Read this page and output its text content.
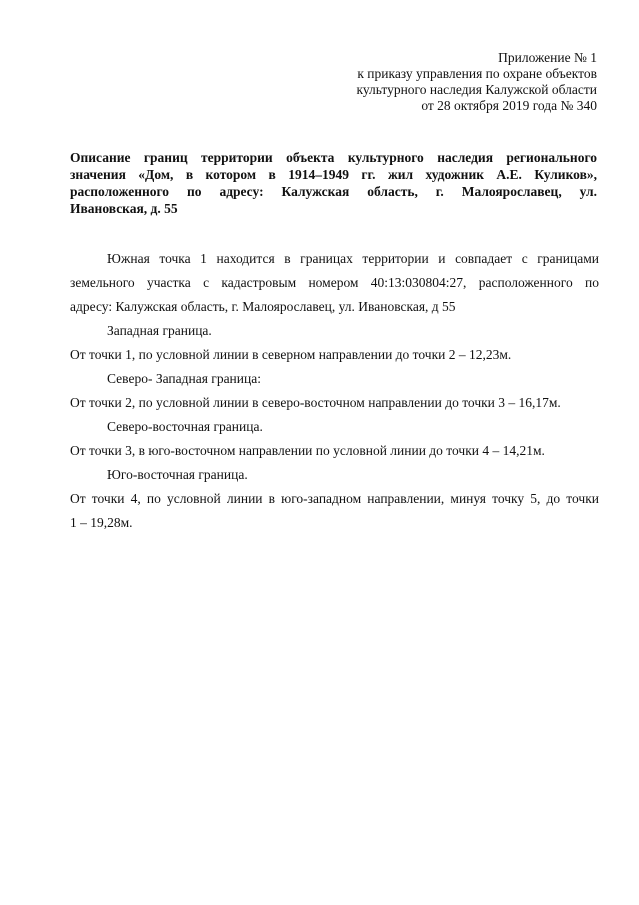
Приложение № 1
к приказу управления по охране объектов
культурного наследия Калужской области
от 28 октября 2019 года № 340
Описание границ территории объекта культурного наследия регионального
значения «Дом, в котором в 1914–1949 гг. жил художник А.Е. Куликов»,
расположенного по адресу: Калужская область, г. Малоярославец, ул.
Ивановская, д. 55
Южная точка 1 находится в границах территории и совпадает с границами
земельного участка с кадастровым номером 40:13:030804:27, расположенного по
адресу: Калужская область, г. Малоярославец, ул. Ивановская, д 55
Западная граница.
От точки 1, по условной линии в северном направлении до точки 2 – 12,23м.
Северо- Западная граница:
От точки 2, по условной линии в северо-восточном направлении до точки 3 – 16,17м.
Северо-восточная граница.
От точки 3, в юго-восточном направлении по условной линии до точки 4 – 14,21м.
Юго-восточная граница.
От точки 4, по условной линии в юго-западном направлении, минуя точку 5, до точки
1 – 19,28м.
